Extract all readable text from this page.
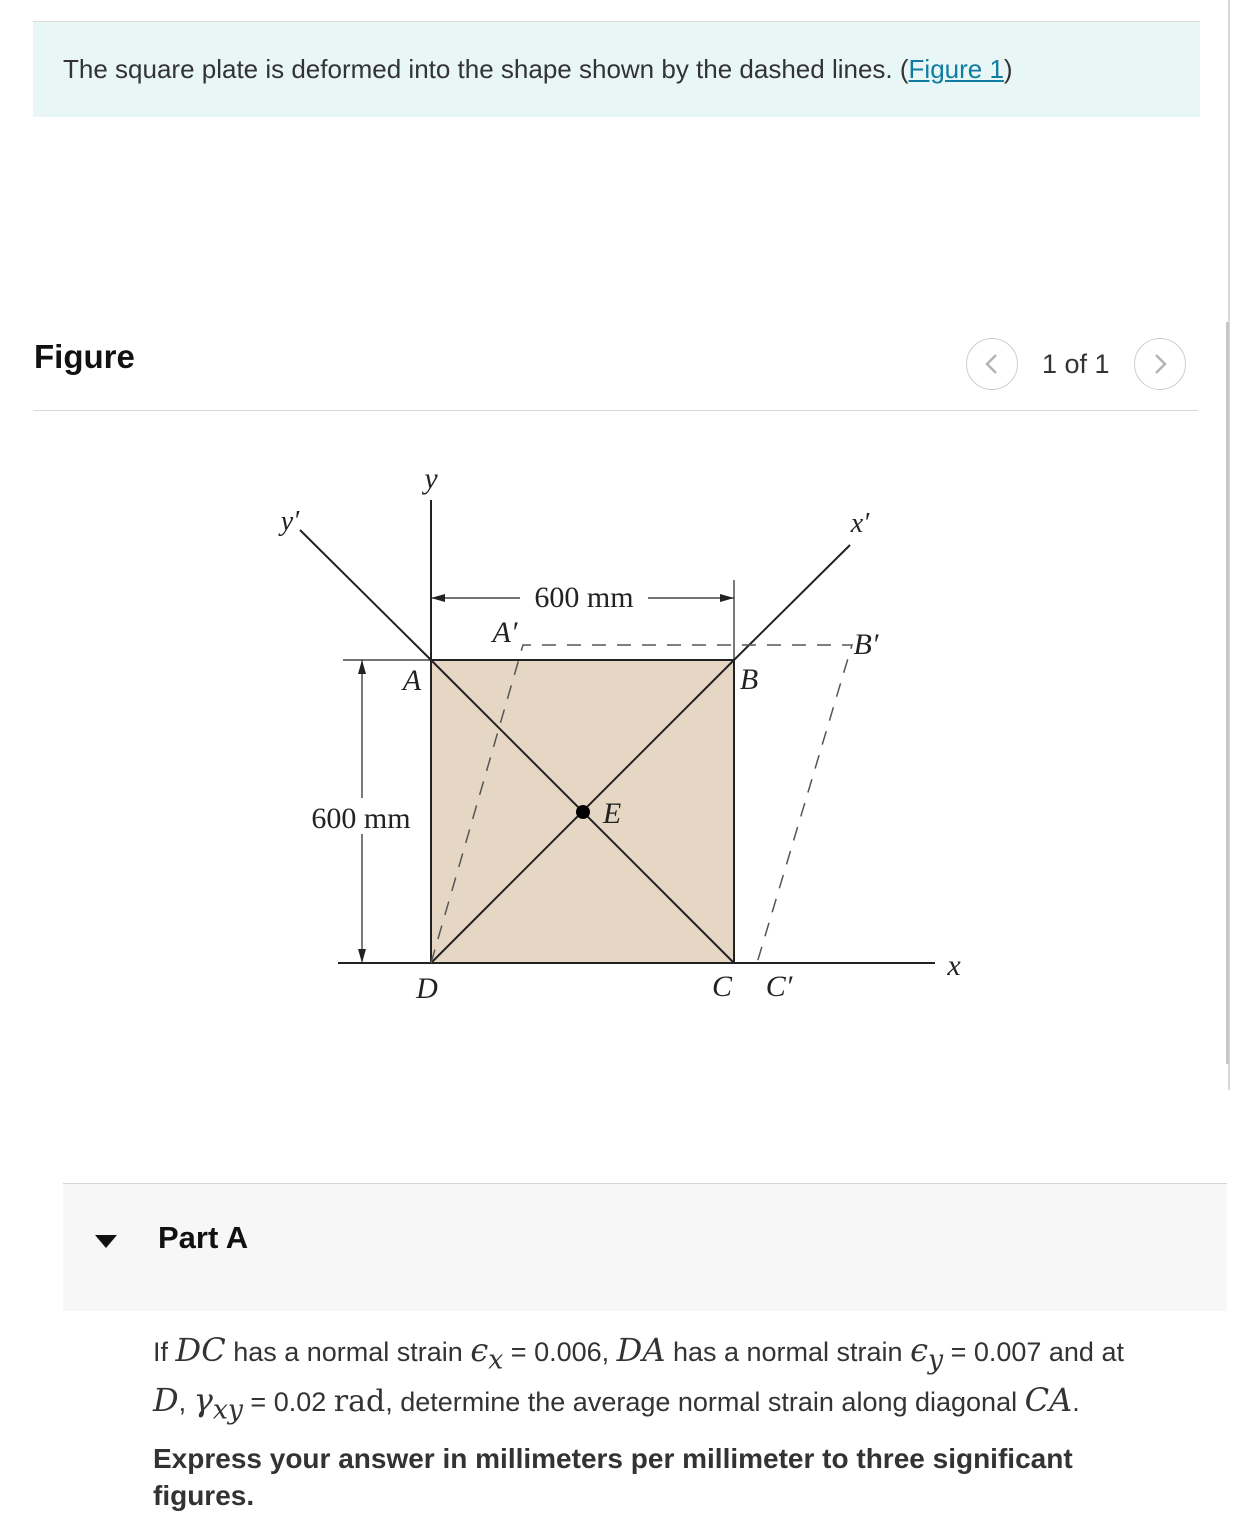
The square plate is deformed into the shape shown by the dashed lines. ( Figure 1 )
Figure	1 of 1
600 mm
600 mm
y
y′	x′
x
A
A′
B
B′
C C′
D
E
Part A
If DC has a normal strain $\epsilon_x = 0.006$, DA has a normal strain $\epsilon_y = 0.007$ and at
D, $\gamma_{xy} = 0.02$ rad, determine the average normal strain along diagonal CA.
Express your answer in millimeters per millimeter to three significant figures.
